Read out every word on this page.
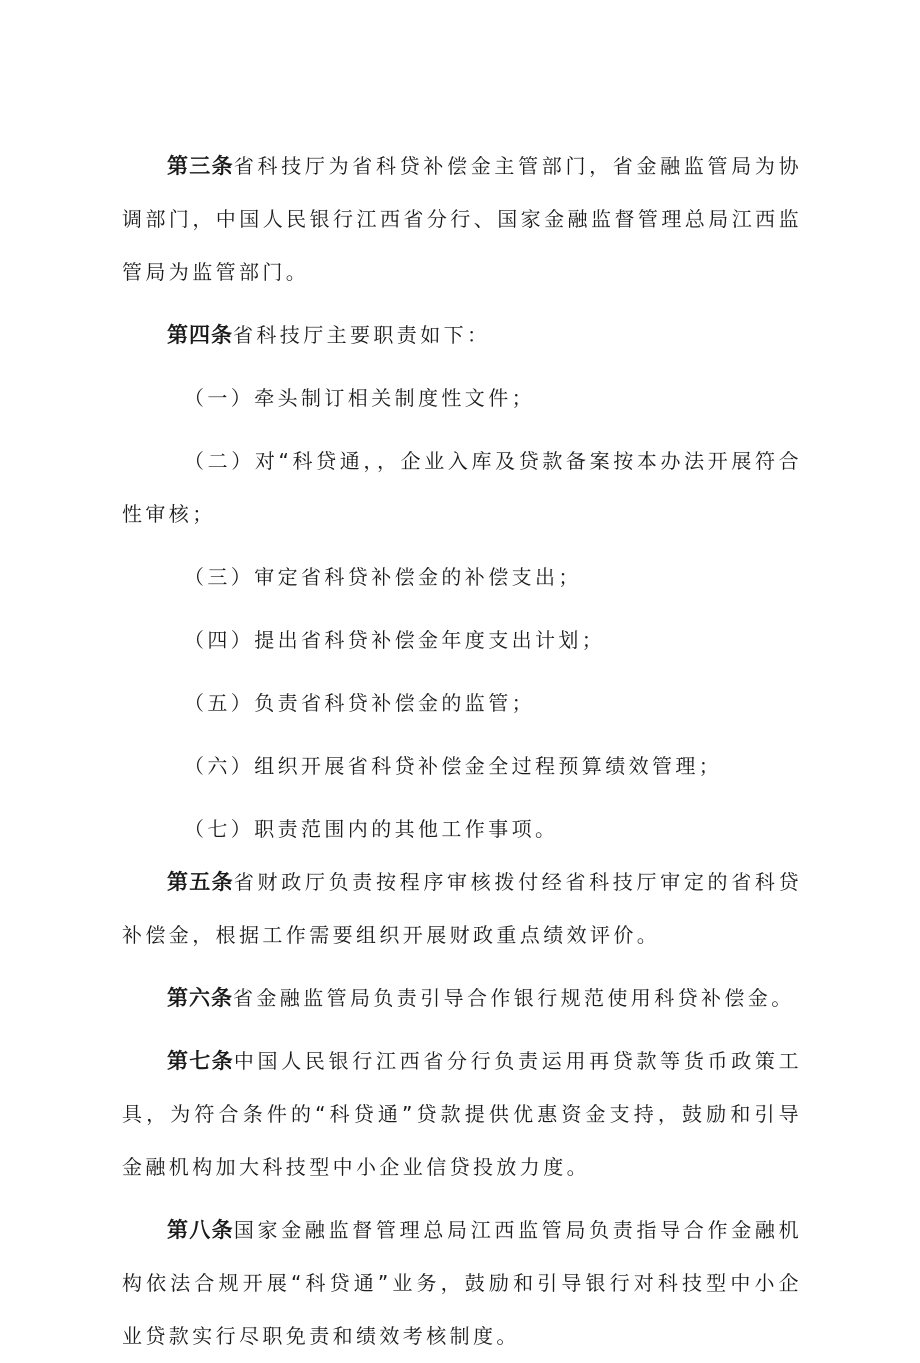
第三条省科技厅为省科贷补偿金主管部门，省金融监管局为协调部门，中国人民银行江西省分行、国家金融监督管理总局江西监管局为监管部门。

第四条省科技厅主要职责如下：

（一）牵头制订相关制度性文件；

（二）对“科贷通，，企业入库及贷款备案按本办法开展符合性审核；

（三）审定省科贷补偿金的补偿支出；

（四）提出省科贷补偿金年度支出计划；

（五）负责省科贷补偿金的监管；

（六）组织开展省科贷补偿金全过程预算绩效管理；

（七）职责范围内的其他工作事项。

第五条省财政厅负责按程序审核拨付经省科技厅审定的省科贷补偿金，根据工作需要组织开展财政重点绩效评价。

第六条省金融监管局负责引导合作银行规范使用科贷补偿金。

第七条中国人民银行江西省分行负责运用再贷款等货币政策工具，为符合条件的“科贷通”贷款提供优惠资金支持，鼓励和引导金融机构加大科技型中小企业信贷投放力度。

第八条国家金融监督管理总局江西监管局负责指导合作金融机构依法合规开展“科贷通”业务，鼓励和引导银行对科技型中小企业贷款实行尽职免责和绩效考核制度。
